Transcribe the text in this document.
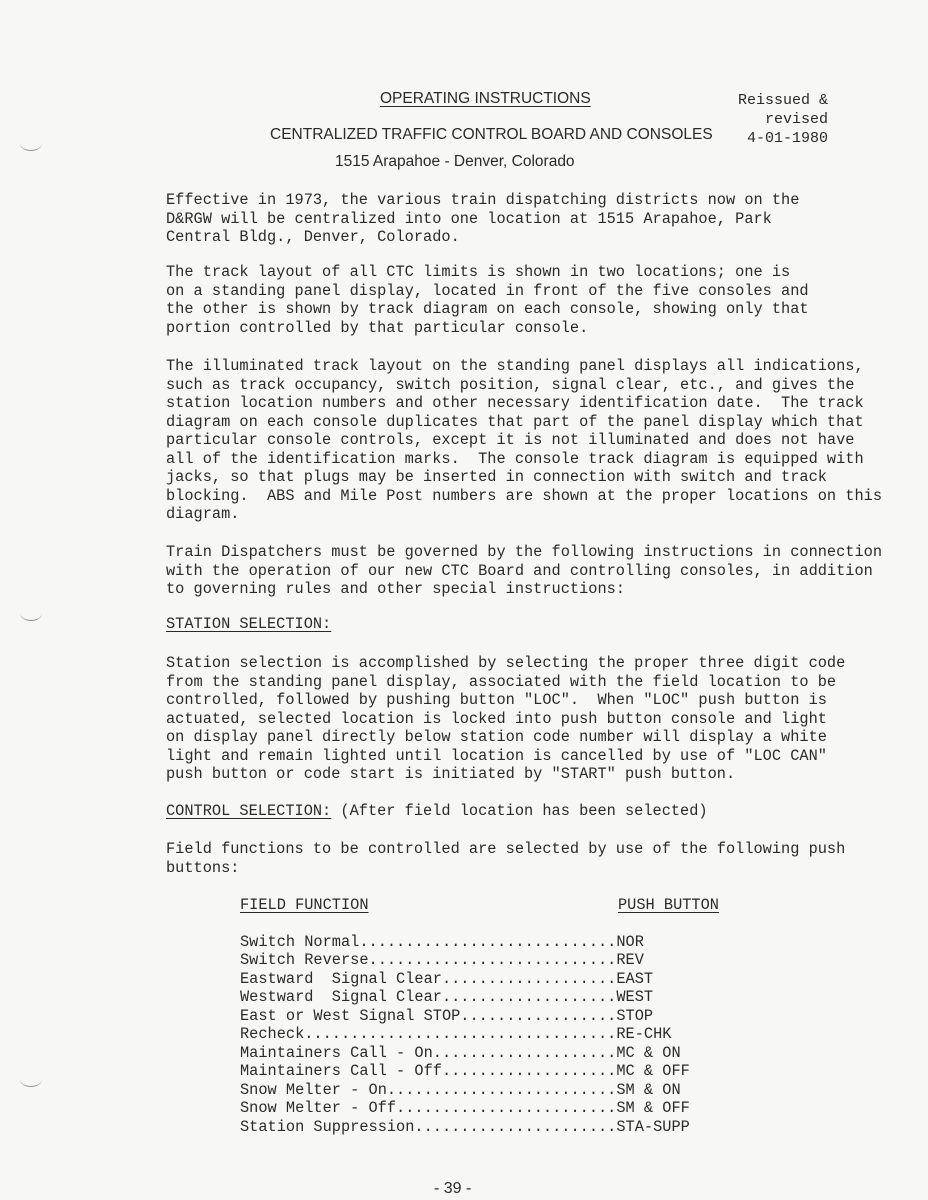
OPERATING INSTRUCTIONS
CENTRALIZED TRAFFIC CONTROL BOARD AND CONSOLES
1515 Arapahoe - Denver, Colorado
Reissued &
revised
4-01-1980

Effective in 1973, the various train dispatching districts now on the
D&RGW will be centralized into one location at 1515 Arapahoe, Park
Central Bldg., Denver, Colorado.

The track layout of all CTC limits is shown in two locations; one is
on a standing panel display, located in front of the five consoles and
the other is shown by track diagram on each console, showing only that
portion controlled by that particular console.

The illuminated track layout on the standing panel displays all indications,
such as track occupancy, switch position, signal clear, etc., and gives the
station location numbers and other necessary identification date.  The track
diagram on each console duplicates that part of the panel display which that
particular console controls, except it is not illuminated and does not have
all of the identification marks.  The console track diagram is equipped with
jacks, so that plugs may be inserted in connection with switch and track
blocking.  ABS and Mile Post numbers are shown at the proper locations on this
diagram.

Train Dispatchers must be governed by the following instructions in connection
with the operation of our new CTC Board and controlling consoles, in addition
to governing rules and other special instructions:

STATION SELECTION:

Station selection is accomplished by selecting the proper three digit code
from the standing panel display, associated with the field location to be
controlled, followed by pushing button "LOC".  When "LOC" push button is
actuated, selected location is locked into push button console and light
on display panel directly below station code number will display a white
light and remain lighted until location is cancelled by use of "LOC CAN"
push button or code start is initiated by "START" push button.

CONTROL SELECTION: (After field location has been selected)

Field functions to be controlled are selected by use of the following push
buttons:

FIELD FUNCTION	PUSH BUTTON
Switch Normal............................ NOR
Switch Reverse........................... REV
Eastward  Signal Clear................... EAST
Westward  Signal Clear................... WEST
East or West Signal STOP................. STOP
Recheck.................................. RE-CHK
Maintainers Call - On.................... MC & ON
Maintainers Call - Off................... MC & OFF
Snow Melter - On......................... SM & ON
Snow Melter - Off........................ SM & OFF
Station Suppression...................... STA-SUPP
- 39 -
